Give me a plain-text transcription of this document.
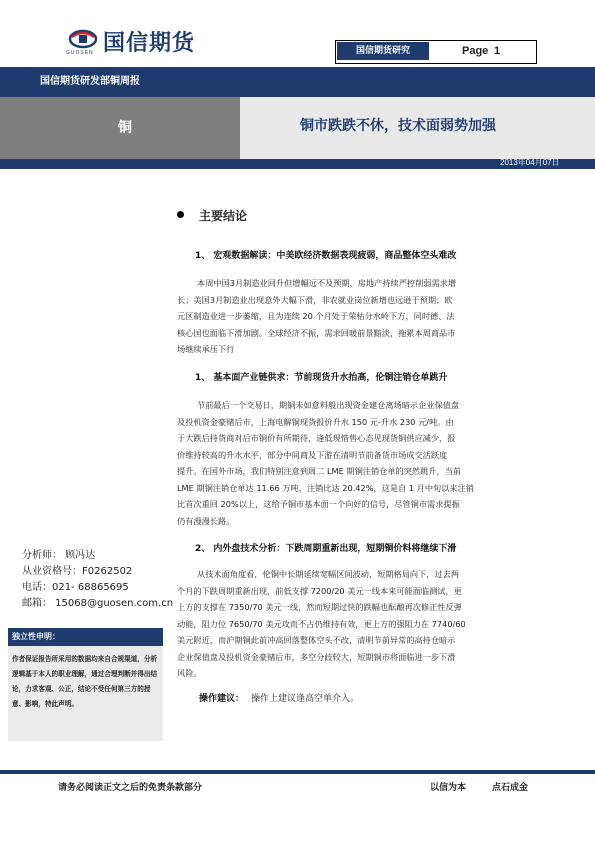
GUOSEN 国信期货	国信期货研究	Page 1
国信期货研发部铜周报
铜	铜市跌跌不休，技术面弱势加强
2013年04月07日
主要结论
1、 宏观数据解读：中美欧经济数据表现疲弱，商品整体空头难改
本周中国3月制造业回升但增幅远不及预期，房地产持续严控削弱需求增
长；美国3月制造业出现意外大幅下滑，非农就业岗位新增也远逊于预期；欧
元区制造业进一步萎缩，且为连续 20 个月处于荣枯分水岭下方，同时德、法
核心国也面临下滑加剧。全球经济不振，需求回暖前景黯淡，拖累本周商品市
场继续承压下行
1、 基本面产业链供求：节前现货升水抬高，伦铜注销仓单跳升
节前最后一个交易日，期铜未如意料般出现资金建仓离场暗示企业保值盘
及投机资金豪赌后市，上海电解铜现货报价升水 150 元-升水 230 元/吨。由
于大跌后持货商对后市铜价有所期待，逢低现惜售心态见现货铜供应减少，报
价维持较高的升水水平，部分中间商及下游在清明节前备货市场成交活跃度
提升。在国外市场，我们特别注意到周二 LME 期铜注销仓单的突然跳升，当前
LME 期铜注销仓单达 11.66 万吨，注销比达 20.42%，这是自 1 月中旬以来注销
比首次重回 20%以上，这给予铜市基本面一个向好的信号，尽管铜市需求提振
仍有漫漫长路。
2、 内外盘技术分析：下跌周期重新出现，短期铜价料将继续下滑
从技术面角度看，伦铜中长期延续宽幅区间波动，短期格局向下，过去两
个月的下跌周期重新出现，前低支撑 7200/20 美元一线本来可能面临测试，更
上方的支撑在 7350/70 美元一线，然而短期过快的跌幅也酝酿再次修正性反弹
动能，阻力位 7650/70 美元攻而不占仍维持有效，更上方的强阻力在 7740/60
美元附近，而沪期铜此前冲高回落整体空头不改，清明节前异常的高持仓暗示
企业保值盘及投机资金豪赌后市，多空分歧较大，短期铜市将面临进一步下滑
风险。
操作建议： 操作上建议逢高空单介入。
分析师： 顾冯达
从业资格号：F0262502
电话：021- 68865695
邮箱： 15068@guosen.com.cn
独立性申明：
作者保证报告所采用的数据均来自合规渠道，分析逻辑基于本人的职业理解，通过合理判断并得出结论，力求客观、公正，结论不受任何第三方的授意、影响，特此声明。
请务必阅读正文之后的免责条款部分	以信为本	点石成金
